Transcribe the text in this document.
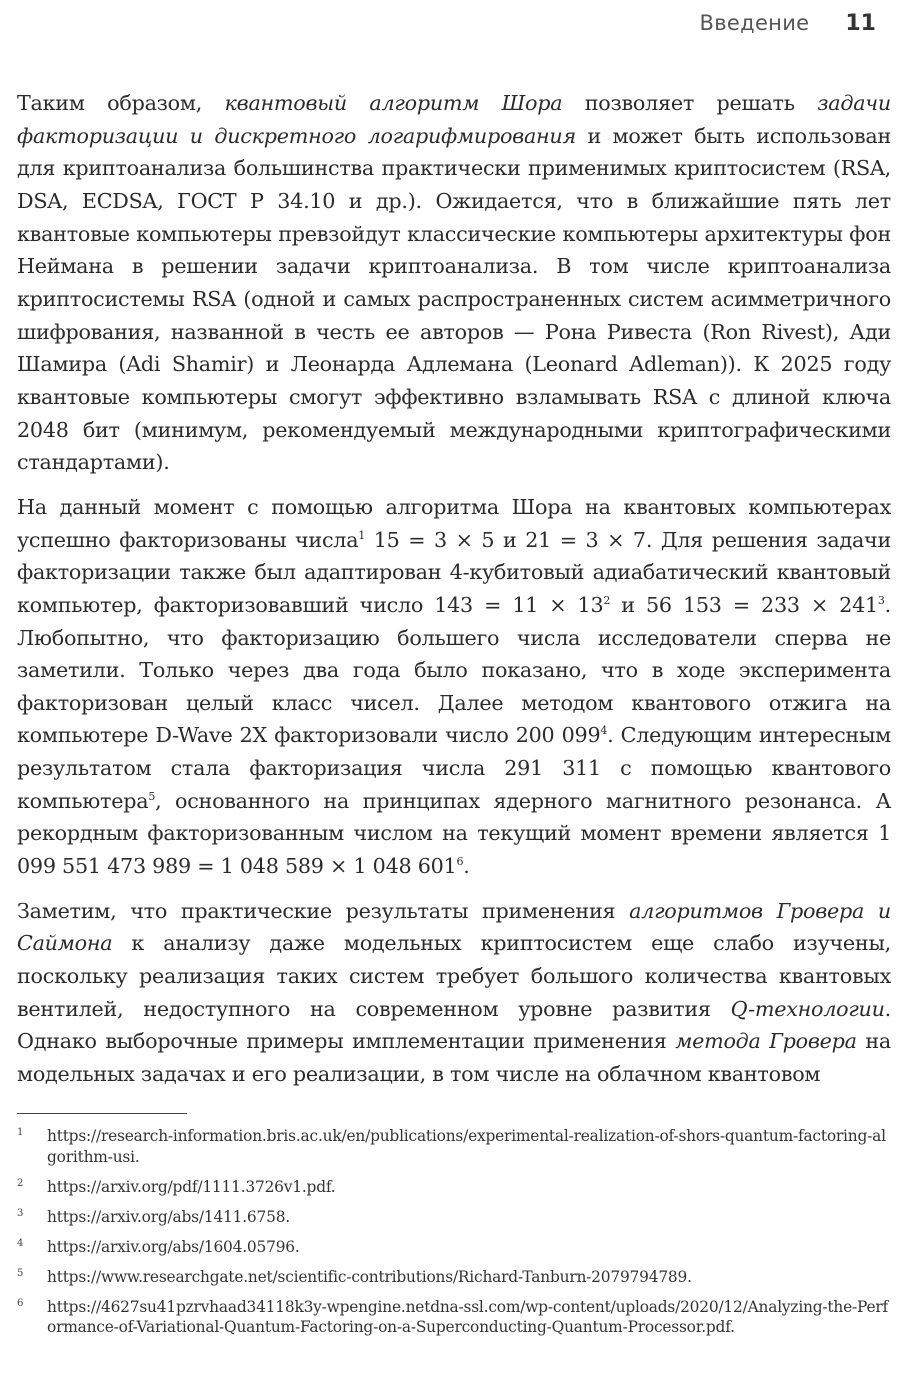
Введение 11

Таким образом, квантовый алгоритм Шора позволяет решать задачи факторизации и дискретного логарифмирования и может быть использован для криптоанализа большинства практически применимых криптосистем (RSA, DSA, ECDSA, ГОСТ Р 34.10 и др.). Ожидается, что в ближайшие пять лет квантовые компьютеры превзойдут классические компьютеры архитектуры фон Неймана в решении задачи криптоанализа. В том числе криптоанализа криптосистемы RSA (одной и самых распространенных систем асимметричного шифрования, названной в честь ее авторов — Рона Ривеста (Ron Rivest), Ади Шамира (Adi Shamir) и Леонарда Адлемана (Leonard Adleman)). К 2025 году квантовые компьютеры смогут эффективно взламывать RSA с длиной ключа 2048 бит (минимум, рекомендуемый международными криптографическими стандартами).

На данный момент с помощью алгоритма Шора на квантовых компьютерах успешно факторизованы числа$^1$ 15 = 3 × 5 и 21 = 3 × 7. Для решения задачи факторизации также был адаптирован 4-кубитовый адиабатический квантовый компьютер, факторизовавший число $143 = 11 \times 13^2$ и 56 $153 = 233 \times 241^3$. Любопытно, что факторизацию большего числа исследователи сперва не заметили. Только через два года было показано, что в ходе эксперимента факторизован целый класс чисел. Далее методом квантового отжига на компьютере D-Wave 2X факторизовали число 200 $099^4$. Следующим интересным результатом стала факторизация числа 291 311 с помощью квантового компьютера$^5$, основанного на принципах ядерного магнитного резонанса. А рекордным факторизованным числом на текущий момент времени является 1 099 551 473 989 = 1 048 589 × 1 048 $601^6$.

Заметим, что практические результаты применения алгоритмов Гровера и Саймона к анализу даже модельных криптосистем еще слабо изучены, поскольку реализация таких систем требует большого количества квантовых вентилей, недоступного на современном уровне развития Q-технологии. Однако выборочные примеры имплементации применения метода Гровера на модельных задачах и его реализации, в том числе на облачном квантовом

1	https://research-information.bris.ac.uk/en/publications/experimental-realization-of-shors-quantum-factoring-algorithm-usi.
2	https://arxiv.org/pdf/1111.3726v1.pdf.
3	https://arxiv.org/abs/1411.6758.
4	https://arxiv.org/abs/1604.05796.
5	https://www.researchgate.net/scientific-contributions/Richard-Tanburn-2079794789.
6	https://4627su41pzrvhaad34118k3y-wpengine.netdna-ssl.com/wp-content/uploads/2020/12/Analyzing-the-Performance-of-Variational-Quantum-Factoring-on-a-Superconducting-Quantum-Processor.pdf.
